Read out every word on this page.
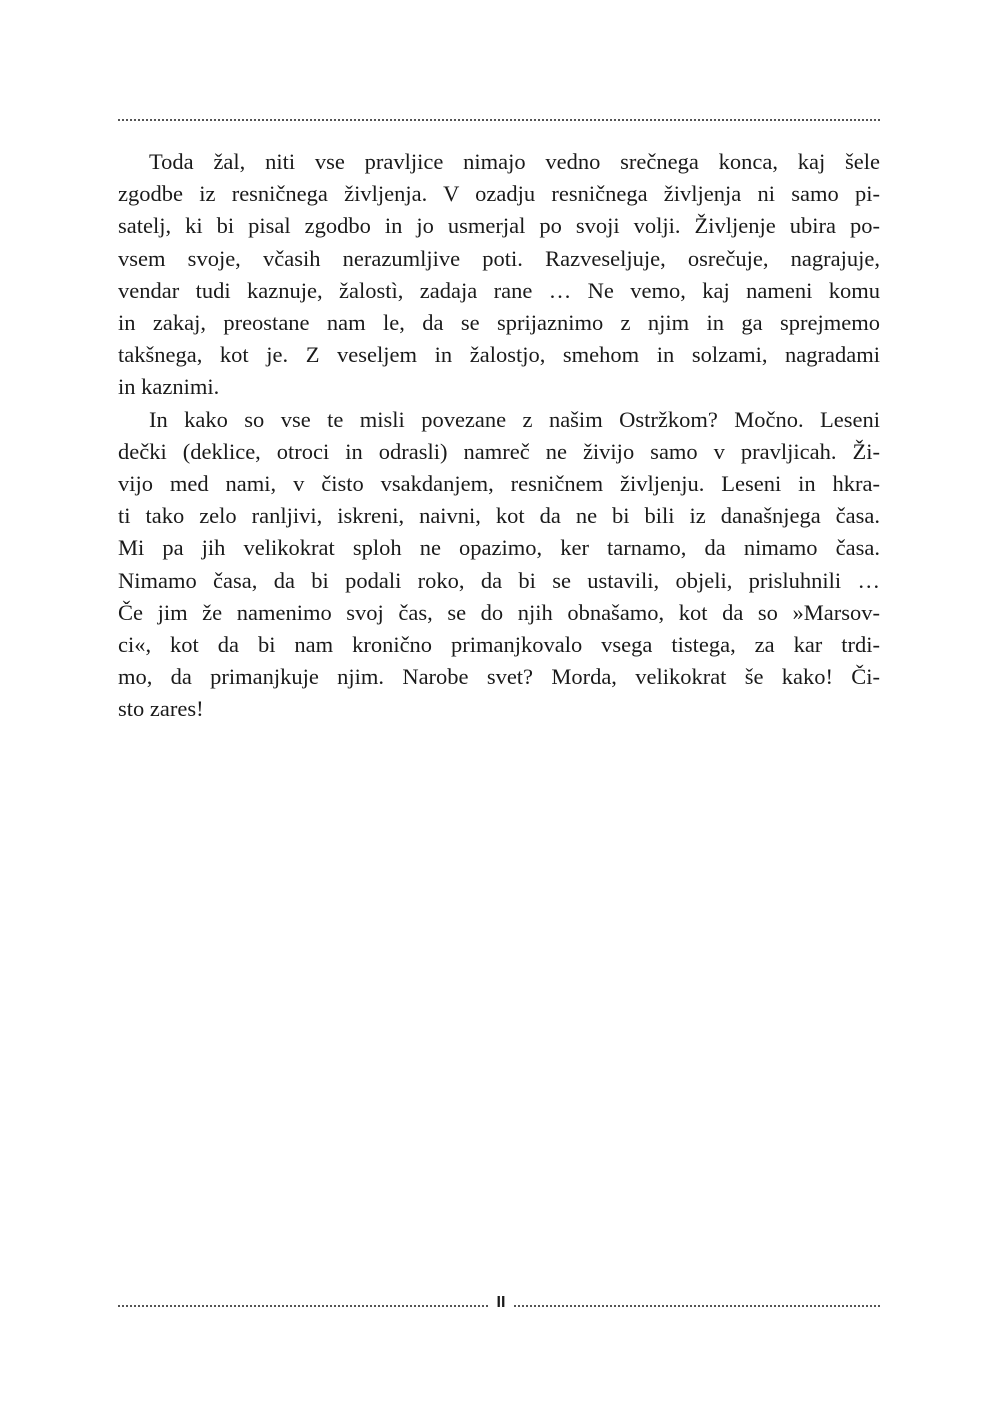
Toda žal, niti vse pravljice nimajo vedno srečnega konca, kaj šele
zgodbe iz resničnega življenja. V ozadju resničnega življenja ni samo pi-
satelj, ki bi pisal zgodbo in jo usmerjal po svoji volji. Življenje ubira po-
vsem svoje, včasih nerazumljive poti. Razveseljuje, osrečuje, nagrajuje,
vendar tudi kaznuje, žalostì, zadaja rane … Ne vemo, kaj nameni komu
in zakaj, preostane nam le, da se sprijaznimo z njim in ga sprejmemo
takšnega, kot je. Z veseljem in žalostjo, smehom in solzami, nagradami
in kaznimi.

In kako so vse te misli povezane z našim Ostržkom? Močno. Leseni
dečki (deklice, otroci in odrasli) namreč ne živijo samo v pravljicah. Ži-
vijo med nami, v čisto vsakdanjem, resničnem življenju. Leseni in hkra-
ti tako zelo ranljivi, iskreni, naivni, kot da ne bi bili iz današnjega časa.
Mi pa jih velikokrat sploh ne opazimo, ker tarnamo, da nimamo časa.
Nimamo časa, da bi podali roko, da bi se ustavili, objeli, prisluhnili …
Če jim že namenimo svoj čas, se do njih obnašamo, kot da so »Marsov-
ci«, kot da bi nam kronično primanjkovalo vsega tistega, za kar trdi-
mo, da primanjkuje njim. Narobe svet? Morda, velikokrat še kako! Či-
sto zares!

II
